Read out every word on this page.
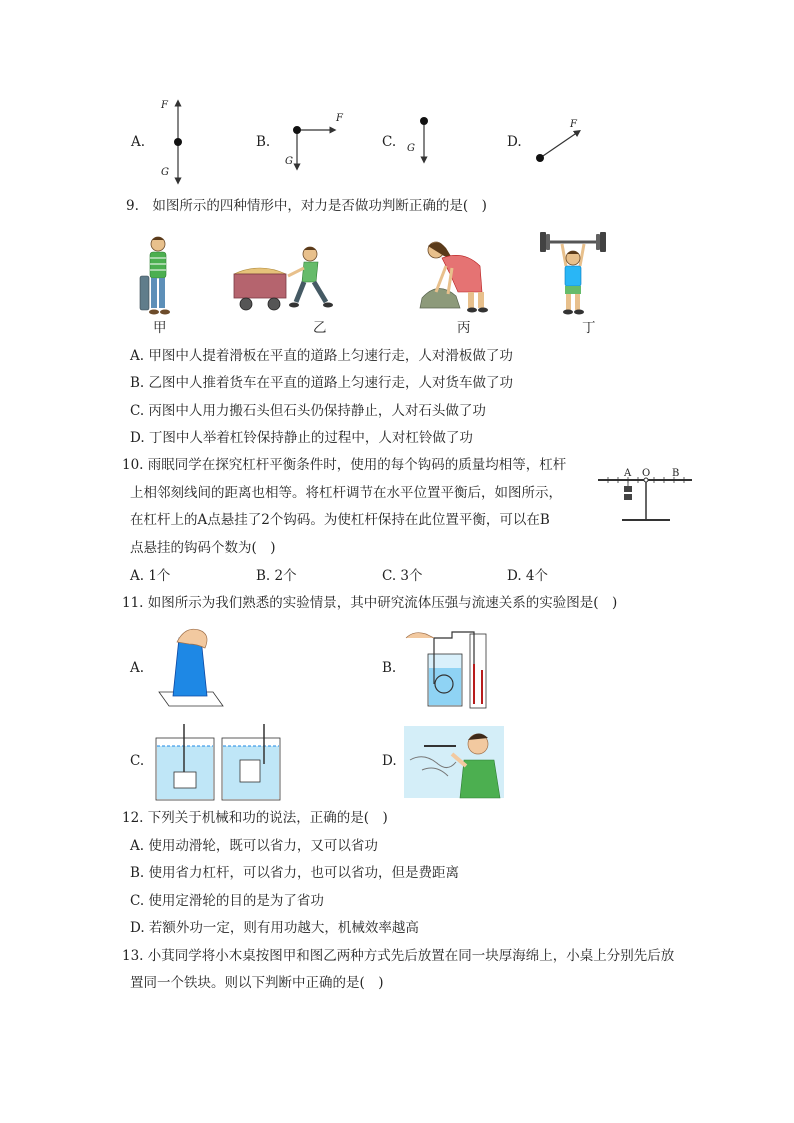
A.
F
G
B.
F
G
C. G	D.
F
9. 如图所示的四种情形中，对力是否做功判断正确的是( )
甲	乙	丙	丁
A. 甲图中人提着滑板在平直的道路上匀速行走，人对滑板做了功
B. 乙图中人推着货车在平直的道路上匀速行走，人对货车做了功
C. 丙图中人用力搬石头但石头仍保持静止，人对石头做了功
D. 丁图中人举着杠铃保持静止的过程中，人对杠铃做了功
10. 雨眠同学在探究杠杆平衡条件时，使用的每个钩码的质量均相等，杠杆
上相邻刻线间的距离也相等。将杠杆调节在水平位置平衡后，如图所示，
在杠杆上的A点悬挂了2个钩码。为使杠杆保持在此位置平衡，可以在B
点悬挂的钩码个数为( )
A O B
A. 1个	B. 2个	C. 3个	D. 4个
11. 如图所示为我们熟悉的实验情景，其中研究流体压强与流速关系的实验图是( )
A.	B.
C.	D.
12. 下列关于机械和功的说法，正确的是( )
A. 使用动滑轮，既可以省力，又可以省功
B. 使用省力杠杆，可以省力，也可以省功，但是费距离
C. 使用定滑轮的目的是为了省功
D. 若额外功一定，则有用功越大，机械效率越高
13. 小萁同学将小木桌按图甲和图乙两种方式先后放置在同一块厚海绵上，小桌上分别先后放
置同一个铁块。则以下判断中正确的是( )
